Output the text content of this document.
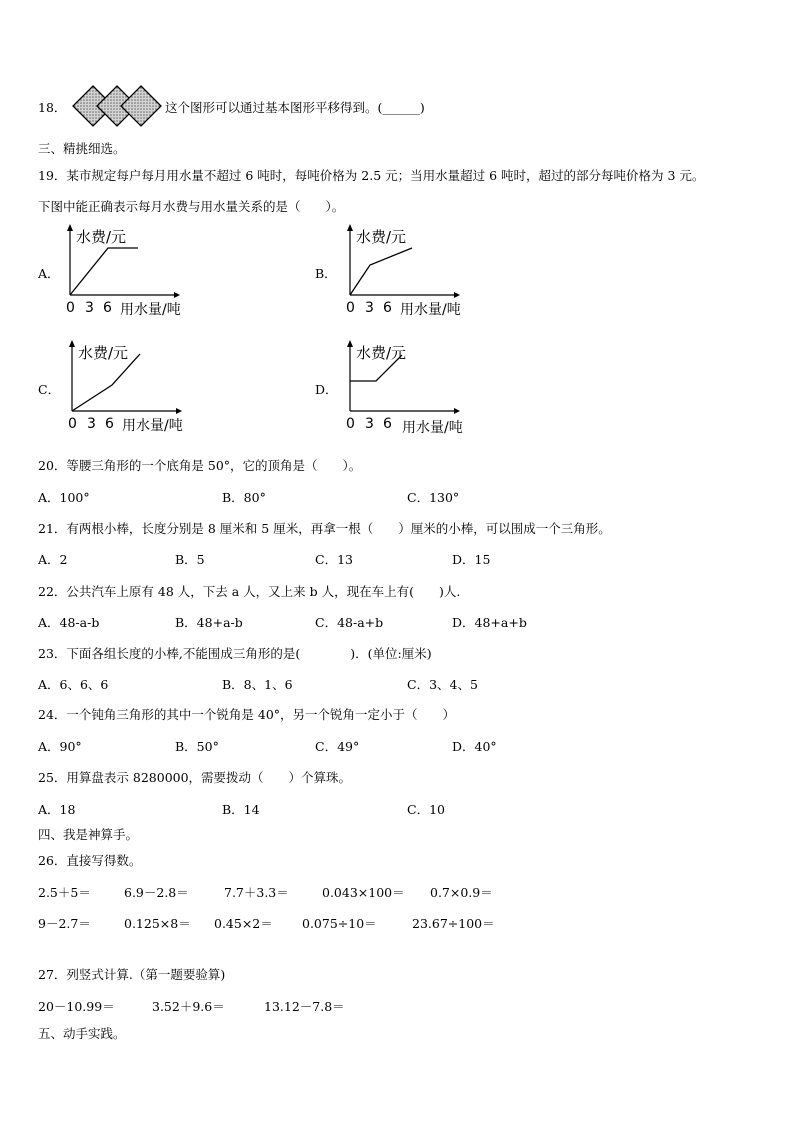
18．	这个图形可以通过基本图形平移得到。(______)
三、精挑细选。
19．某市规定每户每月用水量不超过 6 吨时，每吨价格为 2.5 元；当用水量超过 6 吨时，超过的部分每吨价格为 3 元。
下图中能正确表示每月水费与用水量关系的是（　　）。
A．
水费/元
0 3 6 用水量/吨
B．
水费/元
0 3 6 用水量/吨
C．
水费/元
0 3 6 用水量/吨
D．
水费/元
0 3 6 用水量/吨
20．等腰三角形的一个底角是 50°，它的顶角是（　　）。
A．100°	B．80°	C．130°
21．有两根小棒，长度分别是 8 厘米和 5 厘米，再拿一根（　　）厘米的小棒，可以围成一个三角形。
A．2	B．5	C．13	D．15
22．公共汽车上原有 48 人，下去 a 人，又上来 b 人，现在车上有(　　)人.
A．48-a-b	B．48+a-b	C．48-a+b	D．48+a+b
23．下面各组长度的小棒,不能围成三角形的是(　　　　)．(单位:厘米)
A．6、6、6	B．8、1、6	C．3、4、5
24．一个钝角三角形的其中一个锐角是 40°，另一个锐角一定小于（　　）
A．90°	B．50°	C．49°	D．40°
25．用算盘表示 8280000，需要拨动（　　）个算珠。
A．18	B．14	C．10
四、我是神算手。
26．直接写得数。
2.5＋5＝	6.9－2.8＝	7.7＋3.3＝	0.043×100＝ 0.7×0.9＝
9－2.7＝	0.125×8＝ 0.45×2＝ 0.075÷10＝	23.67÷100＝
27．列竖式计算.（第一题要验算)
20－10.99＝	3.52＋9.6＝	13.12－7.8＝
五、动手实践。
